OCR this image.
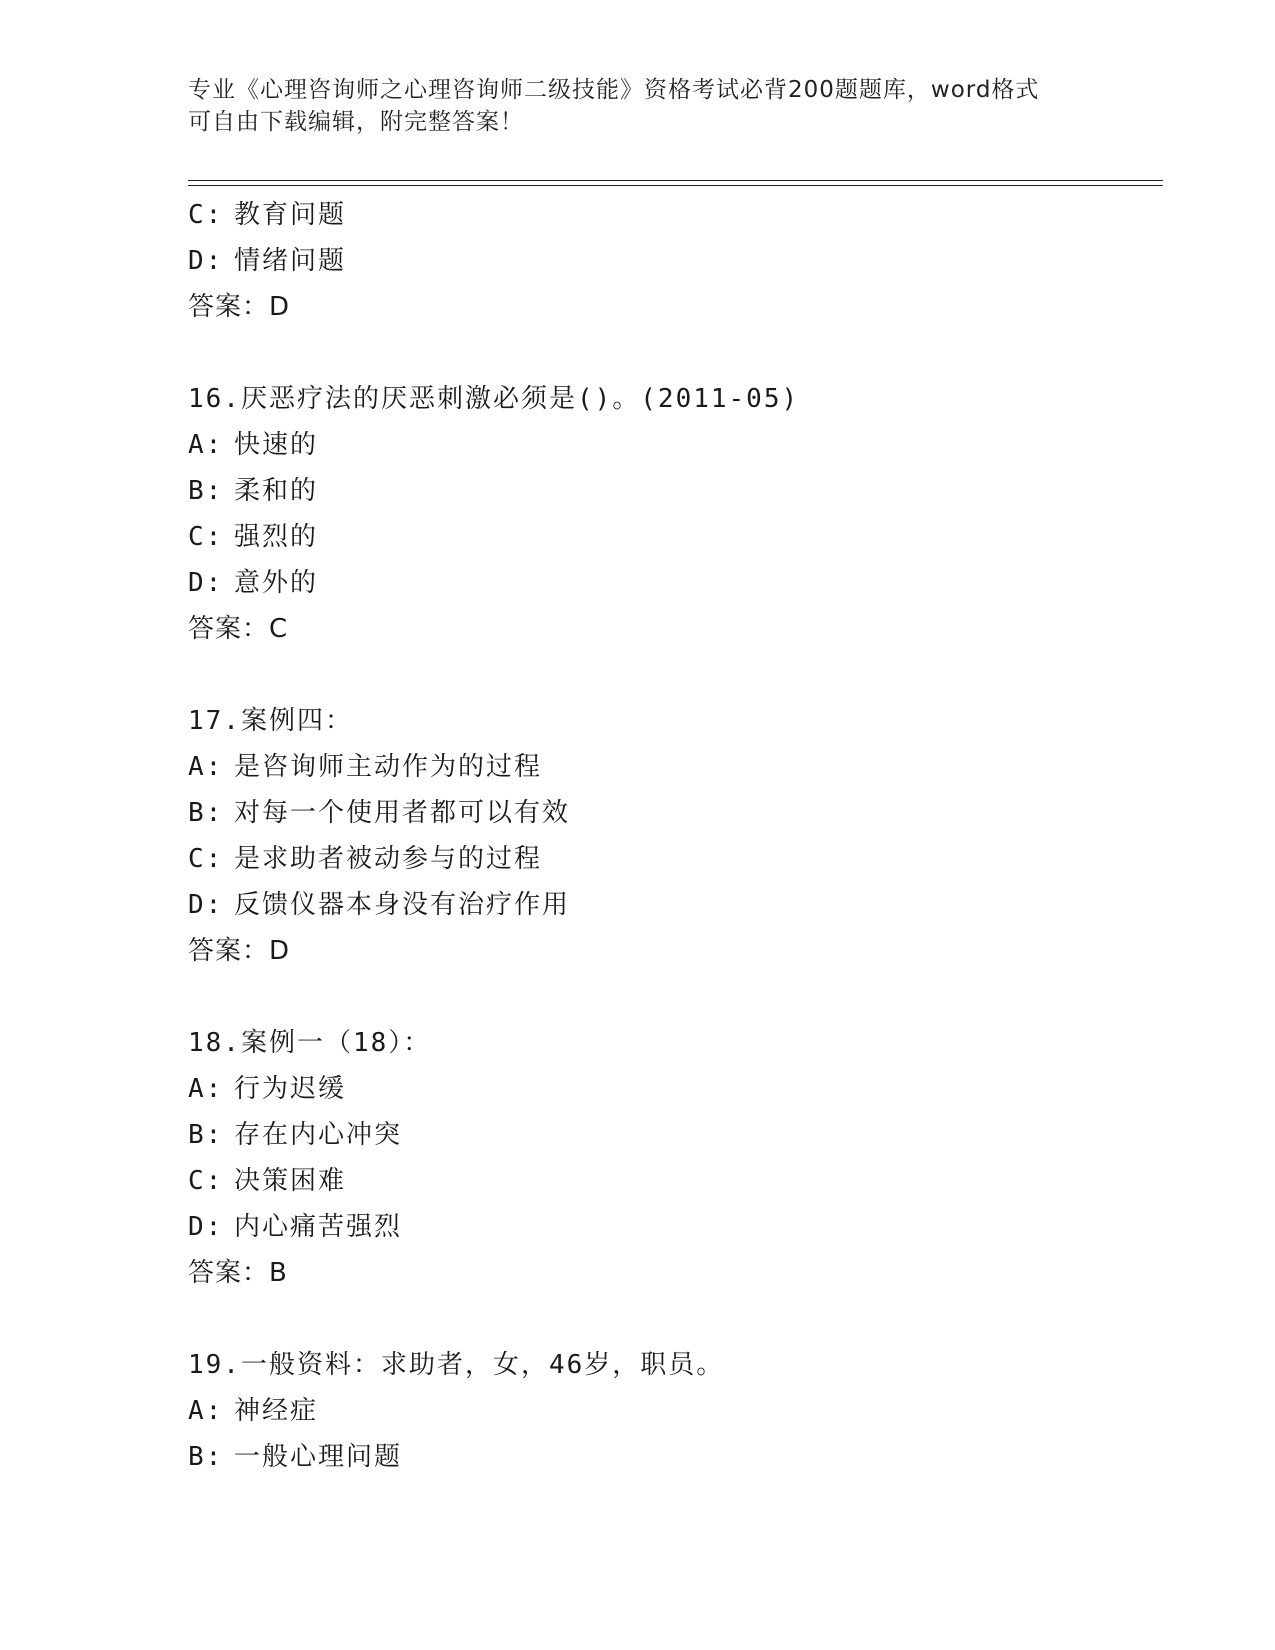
专业《心理咨询师之心理咨询师二级技能》资格考试必背200题题库，word格式
可自由下载编辑，附完整答案！
C: 教育问题
D: 情绪问题
答案：D
16.厌恶疗法的厌恶刺激必须是()。(2011-05)
A: 快速的
B: 柔和的
C: 强烈的
D: 意外的
答案：C
17.案例四：
A: 是咨询师主动作为的过程
B: 对每一个使用者都可以有效
C: 是求助者被动参与的过程
D: 反馈仪器本身没有治疗作用
答案：D
18.案例一（18）：
A: 行为迟缓
B: 存在内心冲突
C: 决策困难
D: 内心痛苦强烈
答案：B
19.一般资料：求助者，女，46岁，职员。
A: 神经症
B: 一般心理问题
